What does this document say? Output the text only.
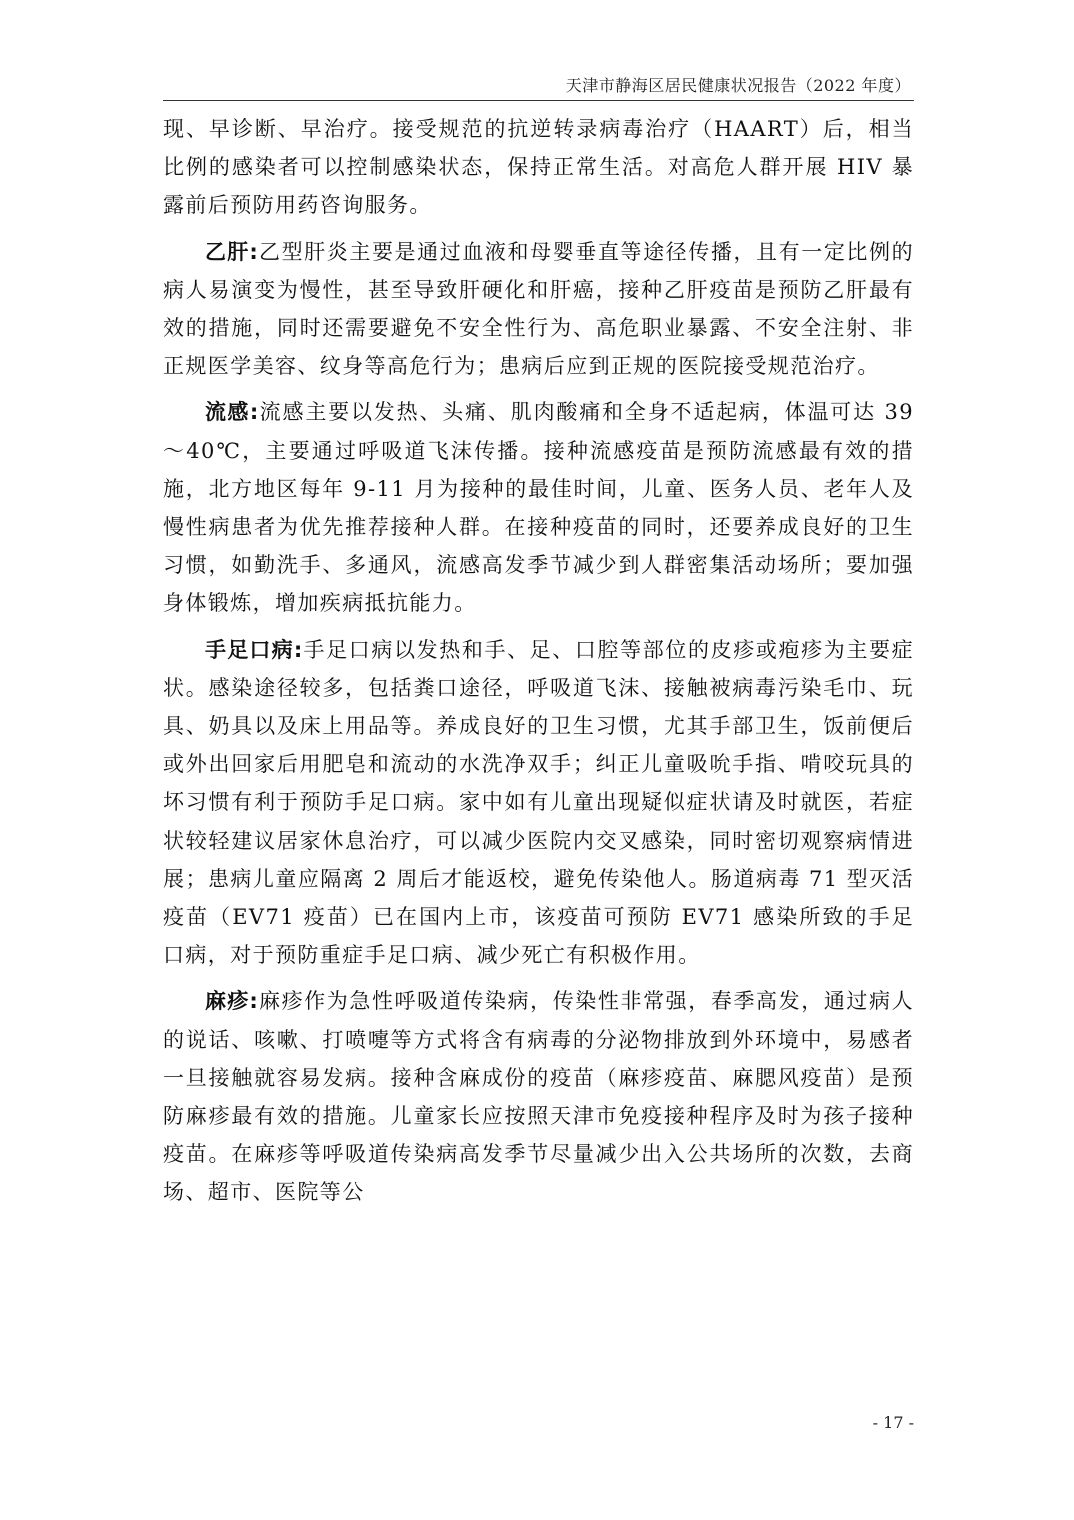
天津市静海区居民健康状况报告（2022 年度）

现、早诊断、早治疗。接受规范的抗逆转录病毒治疗（HAART）后，相当比例的感染者可以控制感染状态，保持正常生活。对高危人群开展 HIV 暴露前后预防用药咨询服务。

乙肝:乙型肝炎主要是通过血液和母婴垂直等途径传播，且有一定比例的病人易演变为慢性，甚至导致肝硬化和肝癌，接种乙肝疫苗是预防乙肝最有效的措施，同时还需要避免不安全性行为、高危职业暴露、不安全注射、非正规医学美容、纹身等高危行为；患病后应到正规的医院接受规范治疗。

流感:流感主要以发热、头痛、肌肉酸痛和全身不适起病，体温可达 39～40℃，主要通过呼吸道飞沫传播。接种流感疫苗是预防流感最有效的措施，北方地区每年 9-11 月为接种的最佳时间，儿童、医务人员、老年人及慢性病患者为优先推荐接种人群。在接种疫苗的同时，还要养成良好的卫生习惯，如勤洗手、多通风，流感高发季节减少到人群密集活动场所；要加强身体锻炼，增加疾病抵抗能力。

手足口病:手足口病以发热和手、足、口腔等部位的皮疹或疱疹为主要症状。感染途径较多，包括粪口途径，呼吸道飞沫、接触被病毒污染毛巾、玩具、奶具以及床上用品等。养成良好的卫生习惯，尤其手部卫生，饭前便后或外出回家后用肥皂和流动的水洗净双手；纠正儿童吸吮手指、啃咬玩具的坏习惯有利于预防手足口病。家中如有儿童出现疑似症状请及时就医，若症状较轻建议居家休息治疗，可以减少医院内交叉感染，同时密切观察病情进展；患病儿童应隔离 2 周后才能返校，避免传染他人。肠道病毒 71 型灭活疫苗（EV71 疫苗）已在国内上市，该疫苗可预防 EV71 感染所致的手足口病，对于预防重症手足口病、减少死亡有积极作用。

麻疹:麻疹作为急性呼吸道传染病，传染性非常强，春季高发，通过病人的说话、咳嗽、打喷嚏等方式将含有病毒的分泌物排放到外环境中，易感者一旦接触就容易发病。接种含麻成份的疫苗（麻疹疫苗、麻腮风疫苗）是预防麻疹最有效的措施。儿童家长应按照天津市免疫接种程序及时为孩子接种疫苗。在麻疹等呼吸道传染病高发季节尽量减少出入公共场所的次数，去商场、超市、医院等公

- 17 -
